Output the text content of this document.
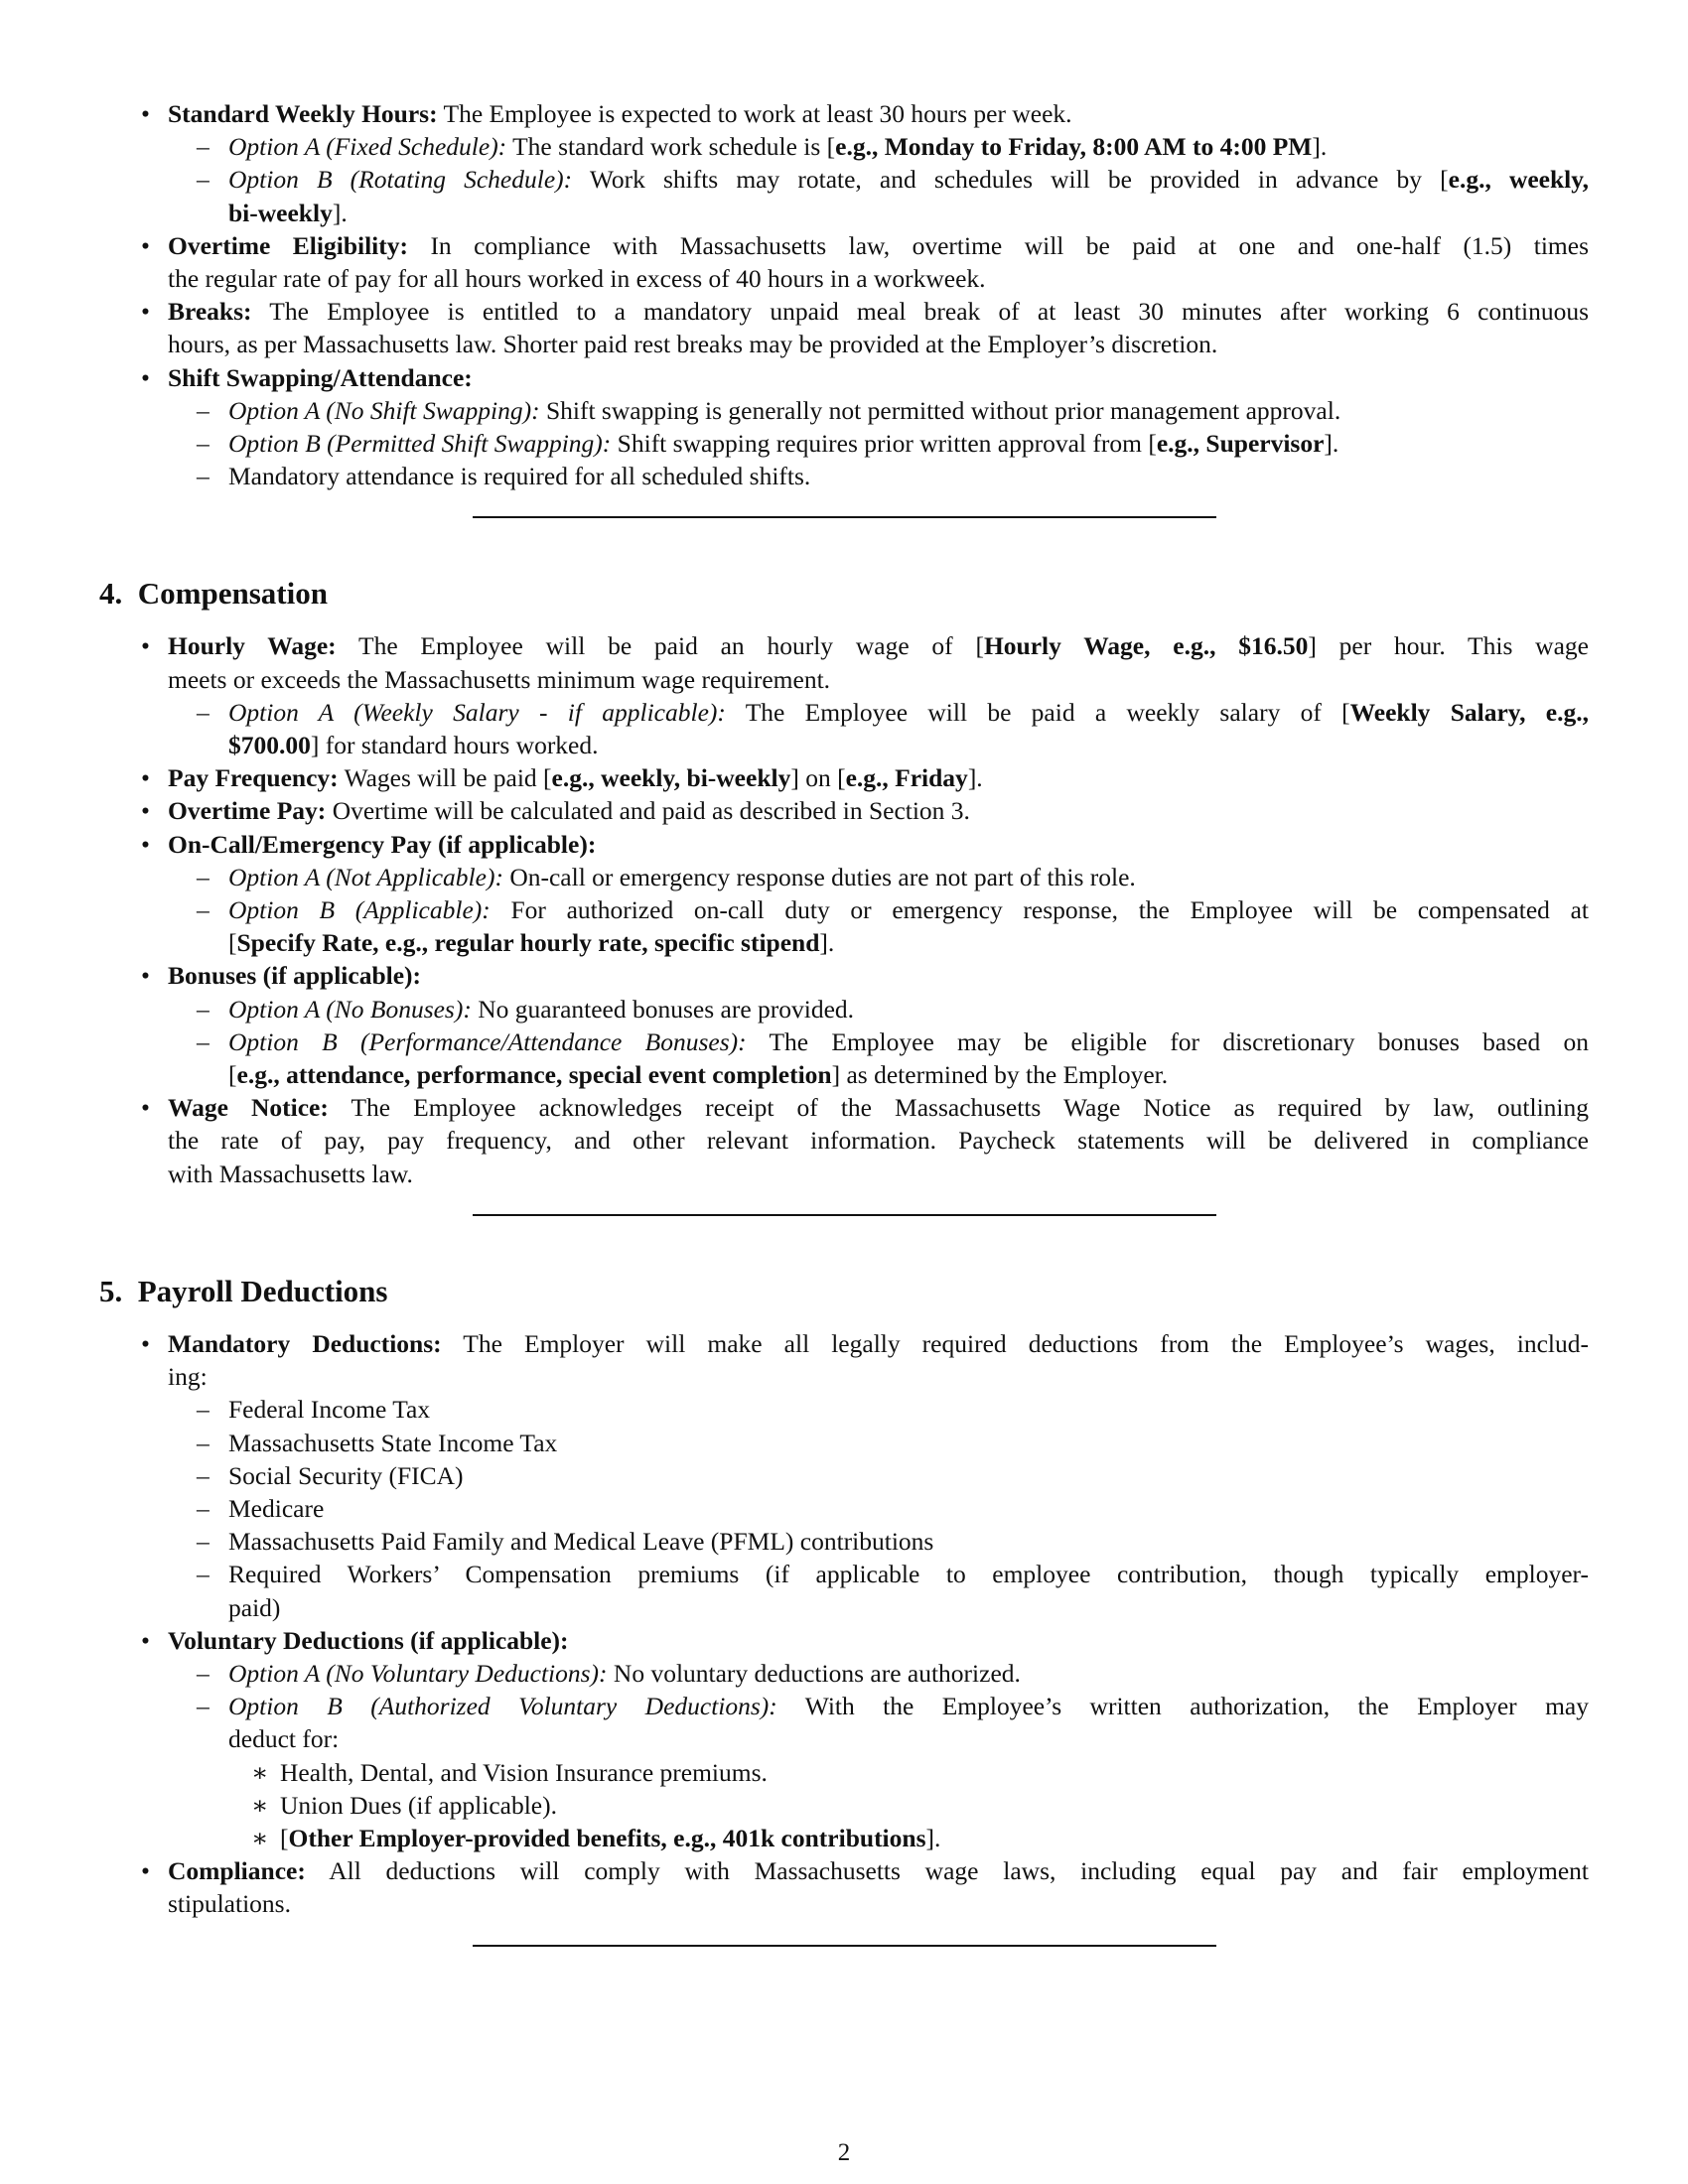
• Standard Weekly Hours: The Employee is expected to work at least 30 hours per week.
– Option A (Fixed Schedule): The standard work schedule is [e.g., Monday to Friday, 8:00 AM to 4:00 PM].
– Option B (Rotating Schedule): Work shifts may rotate, and schedules will be provided in advance by [e.g., weekly,
bi-weekly].
• Overtime Eligibility: In compliance with Massachusetts law, overtime will be paid at one and one-half (1.5) times
the regular rate of pay for all hours worked in excess of 40 hours in a workweek.
• Breaks: The Employee is entitled to a mandatory unpaid meal break of at least 30 minutes after working 6 continuous
hours, as per Massachusetts law. Shorter paid rest breaks may be provided at the Employer’s discretion.
• Shift Swapping/Attendance:
– Option A (No Shift Swapping): Shift swapping is generally not permitted without prior management approval.
– Option B (Permitted Shift Swapping): Shift swapping requires prior written approval from [e.g., Supervisor].
– Mandatory attendance is required for all scheduled shifts.
4. Compensation
• Hourly Wage: The Employee will be paid an hourly wage of [Hourly Wage, e.g., $16.50] per hour. This wage
meets or exceeds the Massachusetts minimum wage requirement.
– Option A (Weekly Salary - if applicable): The Employee will be paid a weekly salary of [Weekly Salary, e.g.,
$700.00] for standard hours worked.
• Pay Frequency: Wages will be paid [e.g., weekly, bi-weekly] on [e.g., Friday].
• Overtime Pay: Overtime will be calculated and paid as described in Section 3.
• On-Call/Emergency Pay (if applicable):
– Option A (Not Applicable): On-call or emergency response duties are not part of this role.
– Option B (Applicable): For authorized on-call duty or emergency response, the Employee will be compensated at
[Specify Rate, e.g., regular hourly rate, specific stipend].
• Bonuses (if applicable):
– Option A (No Bonuses): No guaranteed bonuses are provided.
– Option B (Performance/Attendance Bonuses): The Employee may be eligible for discretionary bonuses based on
[e.g., attendance, performance, special event completion] as determined by the Employer.
• Wage Notice: The Employee acknowledges receipt of the Massachusetts Wage Notice as required by law, outlining
the rate of pay, pay frequency, and other relevant information. Paycheck statements will be delivered in compliance
with Massachusetts law.
5. Payroll Deductions
• Mandatory Deductions: The Employer will make all legally required deductions from the Employee’s wages, includ-
ing:
– Federal Income Tax
– Massachusetts State Income Tax
– Social Security (FICA)
– Medicare
– Massachusetts Paid Family and Medical Leave (PFML) contributions
– Required Workers’ Compensation premiums (if applicable to employee contribution, though typically employer-
paid)
• Voluntary Deductions (if applicable):
– Option A (No Voluntary Deductions): No voluntary deductions are authorized.
– Option B (Authorized Voluntary Deductions): With the Employee’s written authorization, the Employer may
deduct for:
∗ Health, Dental, and Vision Insurance premiums.
∗ Union Dues (if applicable).
∗ [Other Employer-provided benefits, e.g., 401k contributions].
• Compliance: All deductions will comply with Massachusetts wage laws, including equal pay and fair employment
stipulations.
2
